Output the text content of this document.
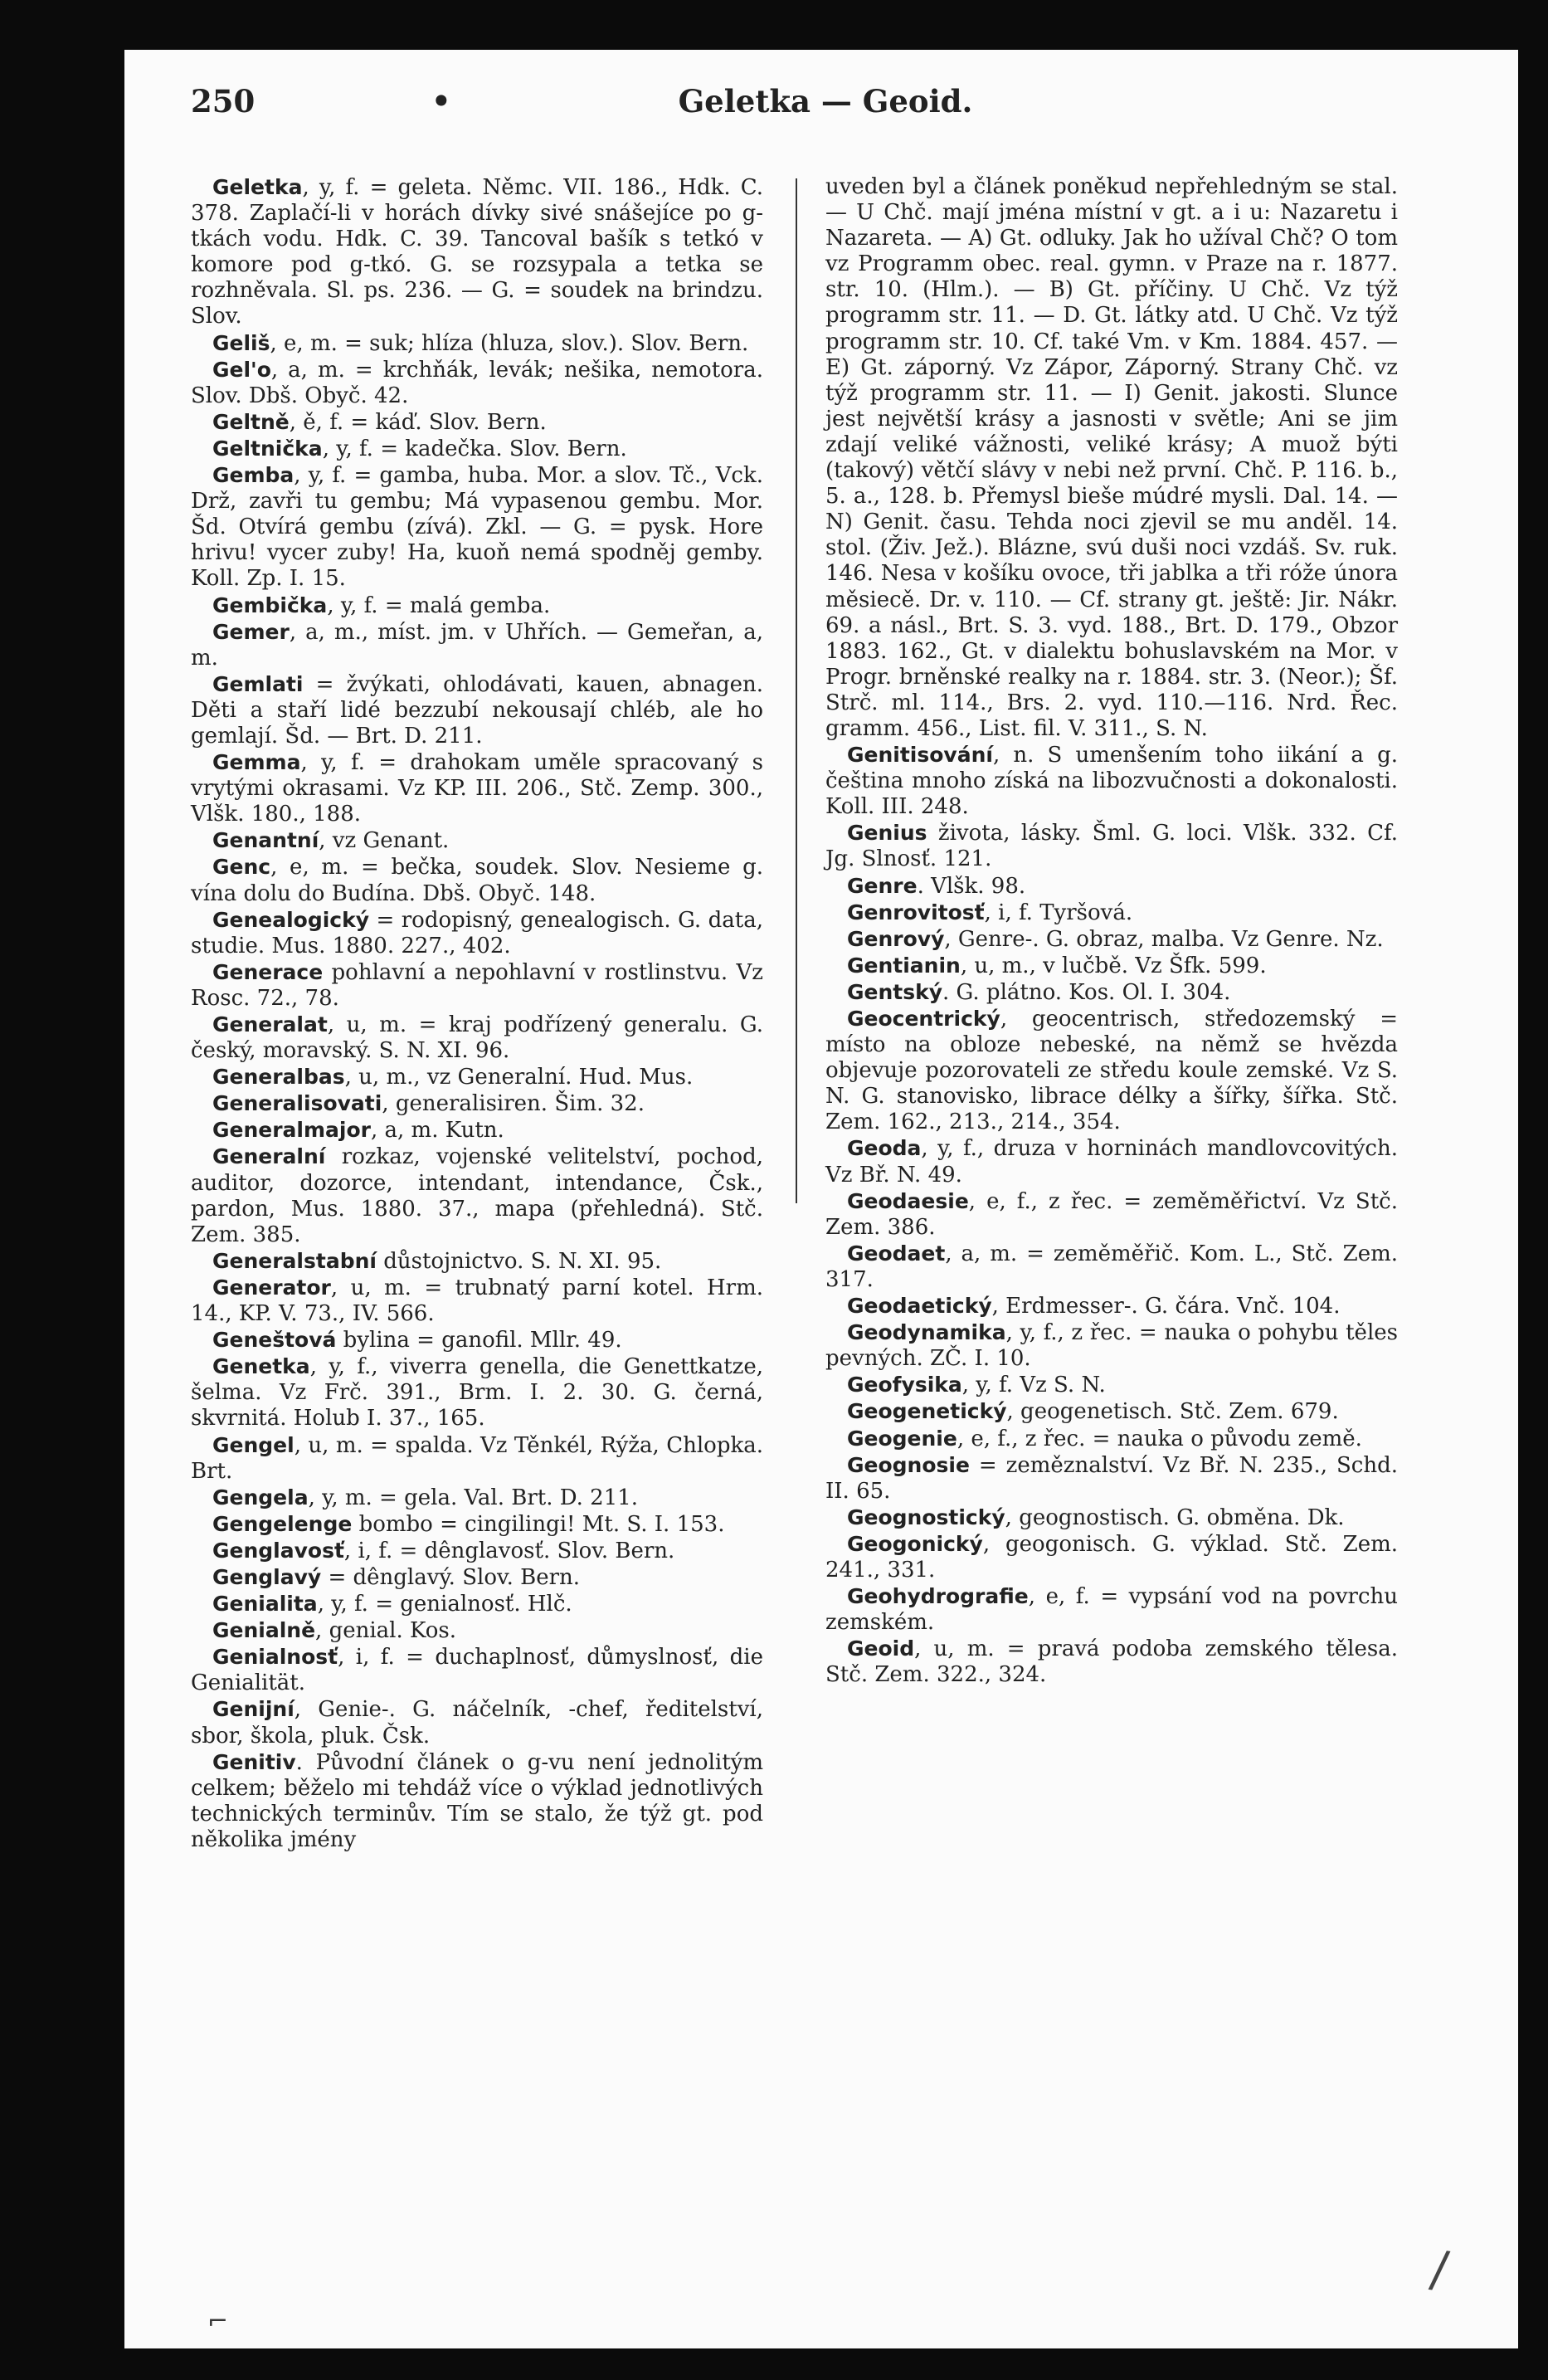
250	•	Geletka — Geoid.

Geletka, y, f. = geleta. Němc. VII. 186., Hdk. C. 378. Zaplačí-li v horách dívky sivé snášejíce po g-tkách vodu. Hdk. C. 39. Tancoval bašík s tetkó v komore pod g-tkó. G. se rozsypala a tetka se rozhněvala. Sl. ps. 236. — G. = soudek na brindzu. Slov.

Geliš, e, m. = suk; hlíza (hluza, slov.). Slov. Bern.

Gel'o, a, m. = krchňák, levák; nešika, nemotora. Slov. Dbš. Obyč. 42.

Geltně, ě, f. = káď. Slov. Bern.

Geltnička, y, f. = kadečka. Slov. Bern.

Gemba, y, f. = gamba, huba. Mor. a slov. Tč., Vck. Drž, zavři tu gembu; Má vypasenou gembu. Mor. Šd. Otvírá gembu (zívá). Zkl. — G. = pysk. Hore hrivu! vycer zuby! Ha, kuoň nemá spodněj gemby. Koll. Zp. I. 15.

Gembička, y, f. = malá gemba.

Gemer, a, m., míst. jm. v Uhřích. — Gemeřan, a, m.

Gemlati = žvýkati, ohlodávati, kauen, abnagen. Děti a staří lidé bezzubí nekousají chléb, ale ho gemlají. Šd. — Brt. D. 211.

Gemma, y, f. = drahokam uměle spracovaný s vrytými okrasami. Vz KP. III. 206., Stč. Zemp. 300., Vlšk. 180., 188.

Genantní, vz Genant.

Genc, e, m. = bečka, soudek. Slov. Nesieme g. vína dolu do Budína. Dbš. Obyč. 148.

Genealogický = rodopisný, genealogisch. G. data, studie. Mus. 1880. 227., 402.

Generace pohlavní a nepohlavní v rostlinstvu. Vz Rosc. 72., 78.

Generalat, u, m. = kraj podřízený generalu. G. český, moravský. S. N. XI. 96.

Generalbas, u, m., vz Generalní. Hud. Mus.

Generalisovati, generalisiren. Šim. 32.

Generalmajor, a, m. Kutn.

Generalní rozkaz, vojenské velitelství, pochod, auditor, dozorce, intendant, intendance, Čsk., pardon, Mus. 1880. 37., mapa (přehledná). Stč. Zem. 385.

Generalstabní důstojnictvo. S. N. XI. 95.

Generator, u, m. = trubnatý parní kotel. Hrm. 14., KP. V. 73., IV. 566.

Geneštová bylina = ganofil. Mllr. 49.

Genetka, y, f., viverra genella, die Genettkatze, šelma. Vz Frč. 391., Brm. I. 2. 30. G. černá, skvrnitá. Holub I. 37., 165.

Gengel, u, m. = spalda. Vz Těnkél, Rýža, Chlopka. Brt.

Gengela, y, m. = gela. Val. Brt. D. 211.

Gengelenge bombo = cingilingi! Mt. S. I. 153.

Genglavosť, i, f. = dênglavosť. Slov. Bern.

Genglavý = dênglavý. Slov. Bern.

Genialita, y, f. = genialnosť. Hlč.

Genialně, genial. Kos.

Genialnosť, i, f. = duchaplnosť, důmyslnosť, die Genialität.

Genijní, Genie-. G. náčelník, -chef, ředitelství, sbor, škola, pluk. Čsk.

Genitiv. Původní článek o g-vu není jednolitým celkem; běželo mi tehdáž více o výklad jednotlivých technických terminův. Tím se stalo, že týž gt. pod několika jmény

uveden byl a článek poněkud nepřehledným se stal. — U Chč. mají jména místní v gt. a i u: Nazaretu i Nazareta. — A) Gt. odluky. Jak ho užíval Chč? O tom vz Programm obec. real. gymn. v Praze na r. 1877. str. 10. (Hlm.). — B) Gt. příčiny. U Chč. Vz týž programm str. 11. — D. Gt. látky atd. U Chč. Vz týž programm str. 10. Cf. také Vm. v Km. 1884. 457. — E) Gt. záporný. Vz Zápor, Záporný. Strany Chč. vz týž programm str. 11. — I) Genit. jakosti. Slunce jest největší krásy a jasnosti v světle; Ani se jim zdají veliké vážnosti, veliké krásy; A muož býti (takový) větčí slávy v nebi než první. Chč. P. 116. b., 5. a., 128. b. Přemysl bieše múdré mysli. Dal. 14. — N) Genit. času. Tehda noci zjevil se mu anděl. 14. stol. (Živ. Jež.). Blázne, svú duši noci vzdáš. Sv. ruk. 146. Nesa v košíku ovoce, tři jablka a tři róže února měsiecě. Dr. v. 110. — Cf. strany gt. ještě: Jir. Nákr. 69. a násl., Brt. S. 3. vyd. 188., Brt. D. 179., Obzor 1883. 162., Gt. v dialektu bohuslavském na Mor. v Progr. brněnské realky na r. 1884. str. 3. (Neor.); Šf. Strč. ml. 114., Brs. 2. vyd. 110.—116. Nrd. Řec. gramm. 456., List. fil. V. 311., S. N.

Genitisování, n. S umenšením toho iikání a g. čeština mnoho získá na libozvučnosti a dokonalosti. Koll. III. 248.

Genius života, lásky. Šml. G. loci. Vlšk. 332. Cf. Jg. Slnosť. 121.

Genre. Vlšk. 98.

Genrovitosť, i, f. Tyršová.

Genrový, Genre-. G. obraz, malba. Vz Genre. Nz.

Gentianin, u, m., v lučbě. Vz Šfk. 599.

Gentský. G. plátno. Kos. Ol. I. 304.

Geocentrický, geocentrisch, středozemský = místo na obloze nebeské, na němž se hvězda objevuje pozorovateli ze středu koule zemské. Vz S. N. G. stanovisko, librace délky a šířky, šířka. Stč. Zem. 162., 213., 214., 354.

Geoda, y, f., druza v horninách mandlovcovitých. Vz Bř. N. 49.

Geodaesie, e, f., z řec. = zeměměřictví. Vz Stč. Zem. 386.

Geodaet, a, m. = zeměměřič. Kom. L., Stč. Zem. 317.

Geodaetický, Erdmesser-. G. čára. Vnč. 104.

Geodynamika, y, f., z řec. = nauka o pohybu těles pevných. ZČ. I. 10.

Geofysika, y, f. Vz S. N.

Geogenetický, geogenetisch. Stč. Zem. 679.

Geogenie, e, f., z řec. = nauka o původu země.

Geognosie = zeměznalství. Vz Bř. N. 235., Schd. II. 65.

Geognostický, geognostisch. G. obměna. Dk.

Geogonický, geogonisch. G. výklad. Stč. Zem. 241., 331.

Geohydrografie, e, f. = vypsání vod na povrchu zemském.

Geoid, u, m. = pravá podoba zemského tělesa. Stč. Zem. 322., 324.

/
⌐
